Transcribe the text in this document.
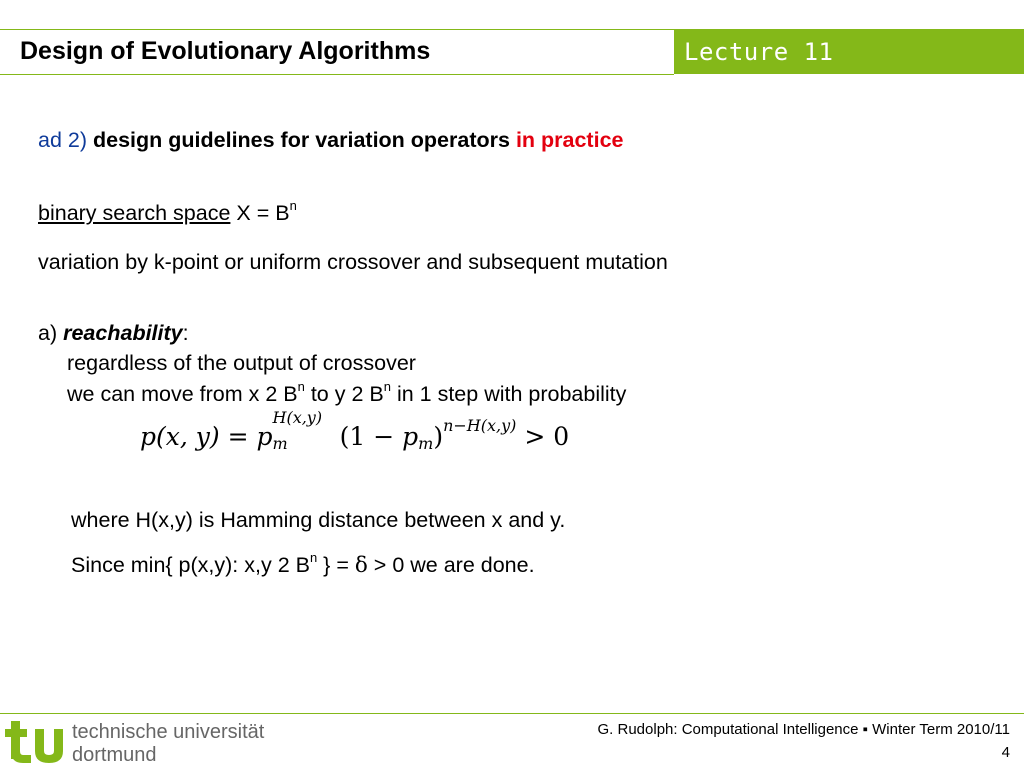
Design of Evolutionary Algorithms	Lecture 11
ad 2) design guidelines for variation operators in practice
binary search space $X = B^n$
variation by k-point or uniform crossover and subsequent mutation
a) reachability:
regardless of the output of crossover
we can move from x 2 $B^n$ to y 2 $B^n$ in 1 step with probability
p(x, y) = p
H(x,y)
$_m$ $(1 - p_m)^{n-H(x,y)} > 0$
where H(x,y) is Hamming distance between x and y.
Since min{ p(x,y): x,y 2 $B^n$ } = δ > 0 we are done.
technische universität
dortmund
G. Rudolph: Computational Intelligence ▪ Winter Term 2010/11
4
